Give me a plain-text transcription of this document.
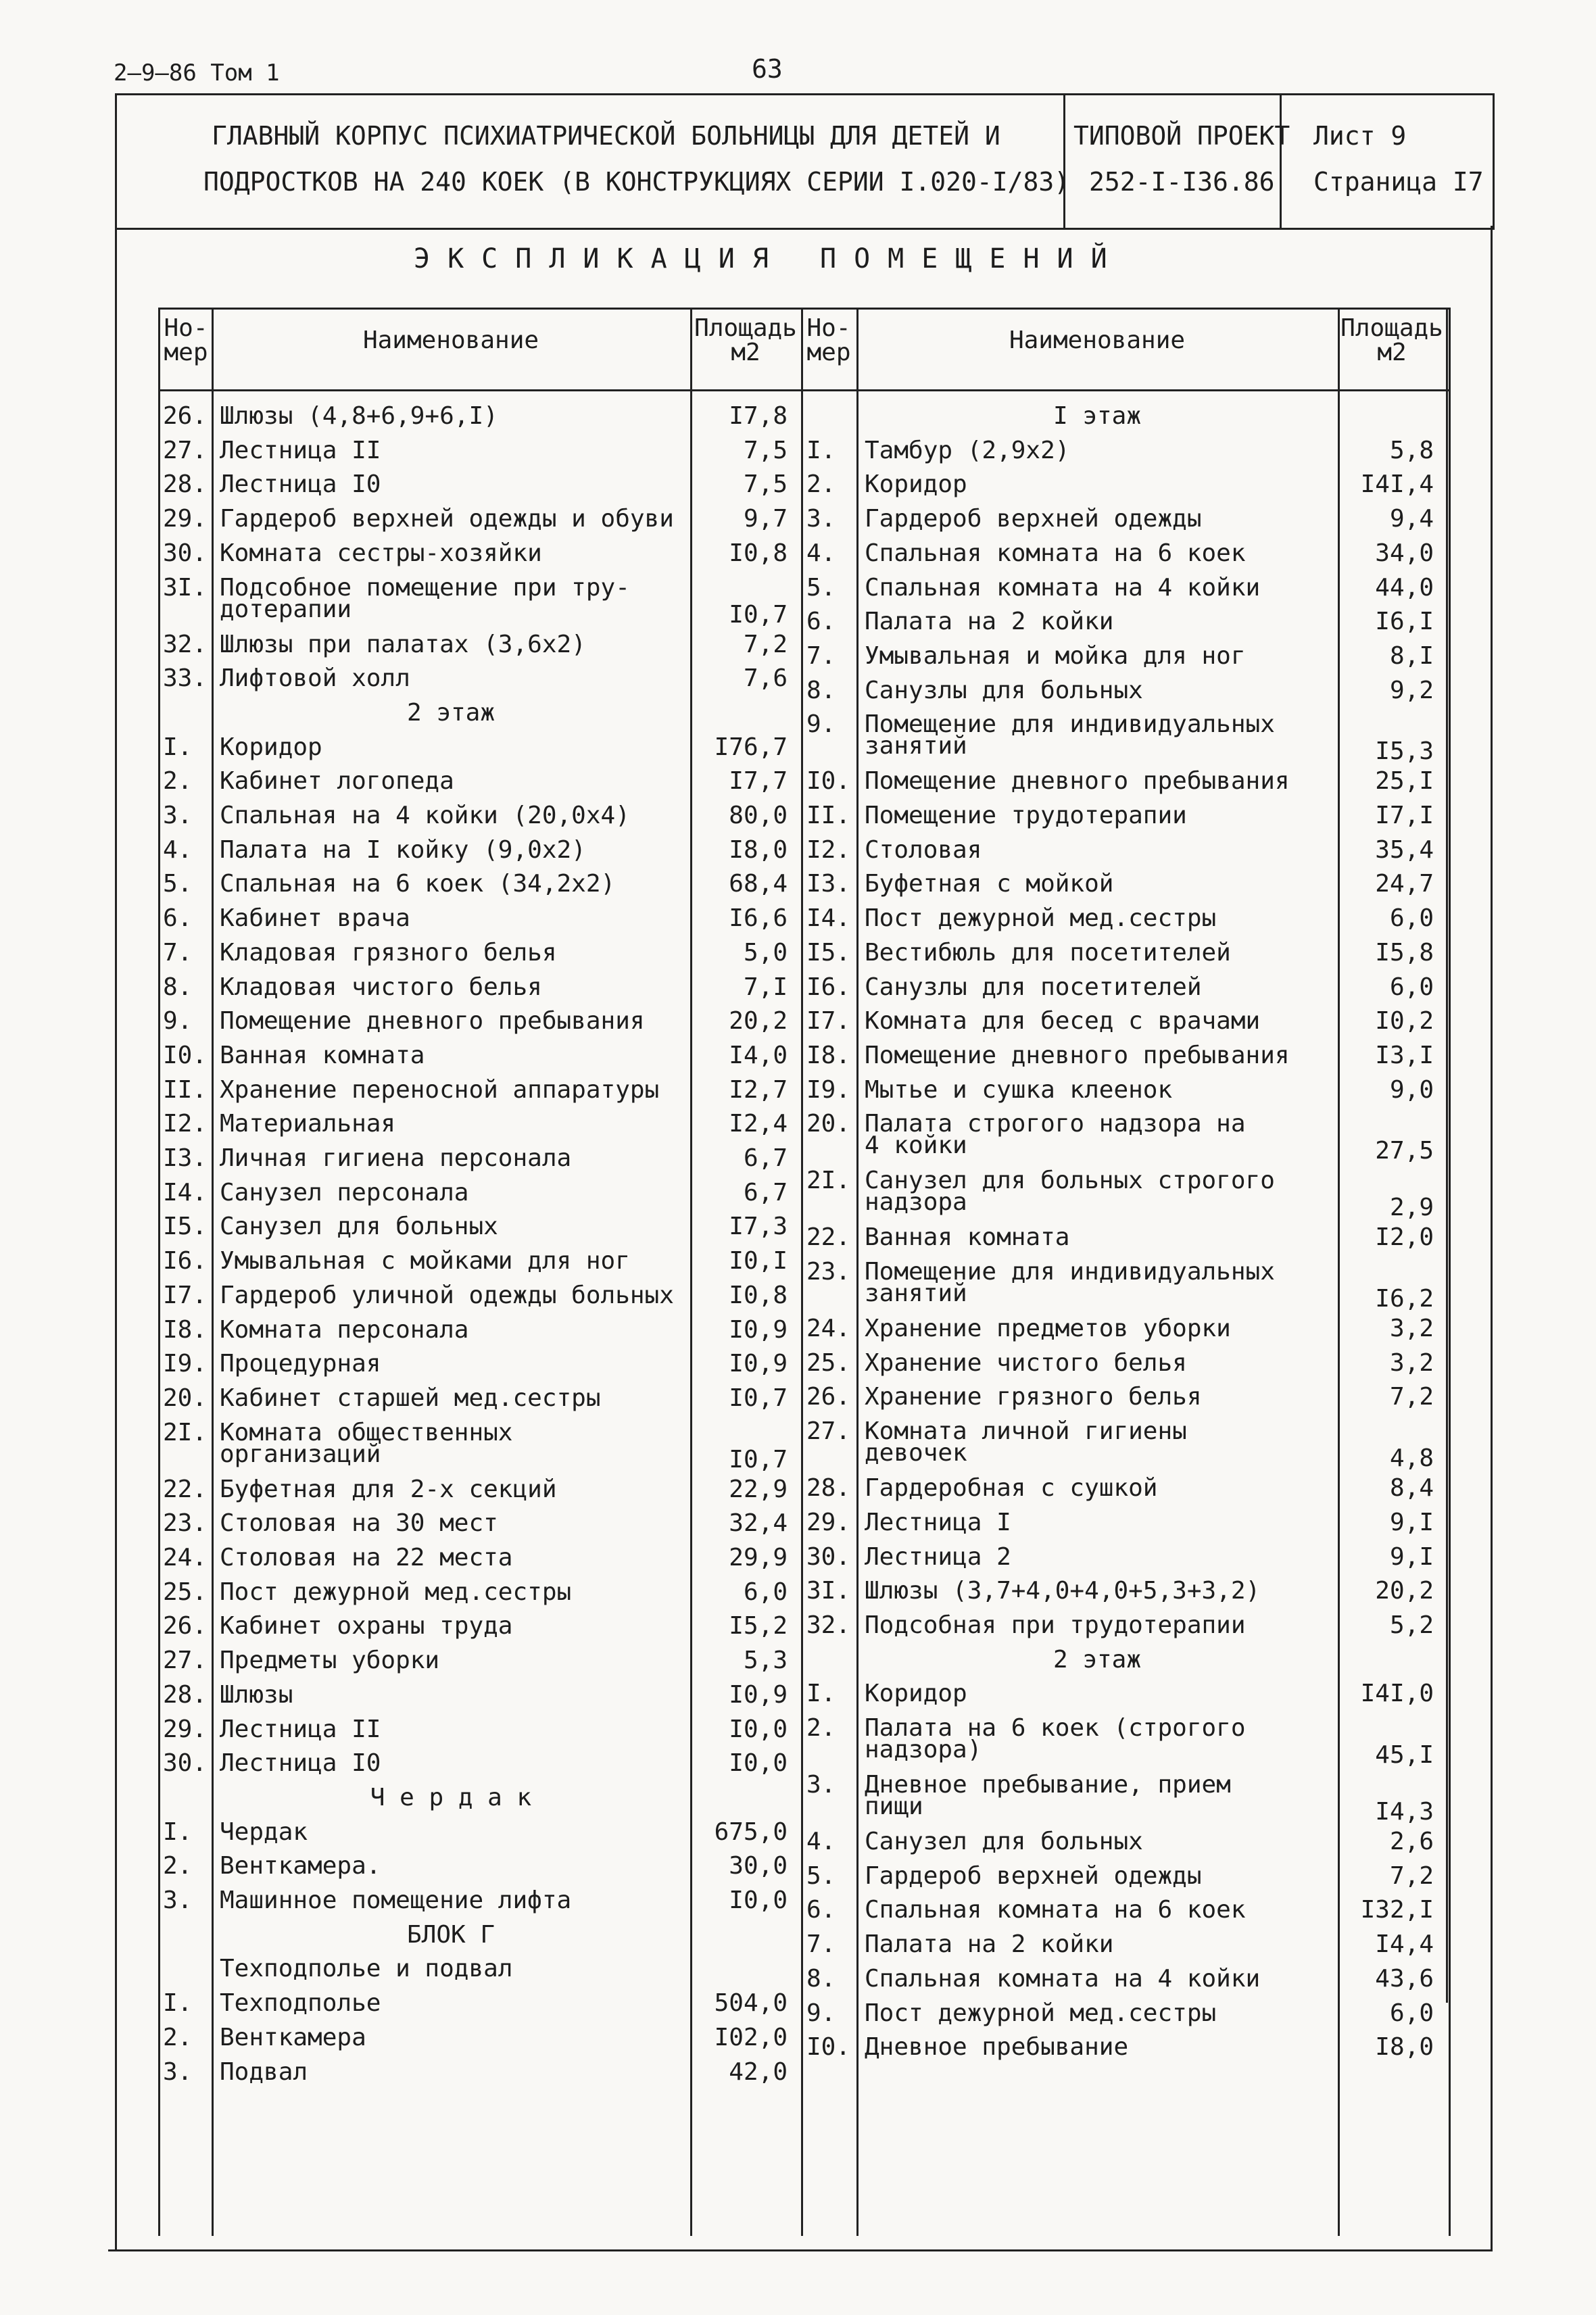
2–9–86 Том 1	63
ГЛАВНЫЙ КОРПУС ПСИХИАТРИЧЕСКОЙ БОЛЬНИЦЫ ДЛЯ ДЕТЕЙ И
ПОДРОСТКОВ НА 240 КОЕК (В КОНСТРУКЦИЯХ СЕРИИ I.020-I/83)
ТИПОВОЙ ПРОЕКТ
252-I-I36.86
Лист 9
Страница I7
ЭКСПЛИКАЦИЯ ПОМЕЩЕНИЙ
Но-
мер	Наименование	Площадь
м2
Но-
мер	Наименование	Площадь
м2
26. Шлюзы (4,8+6,9+6,I)	I7,8
27. Лестница II	7,5
28. Лестница I0	7,5
29. Гардероб верхней одежды и обуви	9,7
30. Комната сестры-хозяйки	I0,8
3I. Подсобное помещение при тру-
дотерапии	I0,7
32. Шлюзы при палатах (3,6x2)	7,2
33. Лифтовой холл	7,6
2 этаж
I. Коридор	I76,7
2. Кабинет логопеда	I7,7
3. Спальная на 4 койки (20,0x4)	80,0
4. Палата на I койку (9,0x2)	I8,0
5. Спальная на 6 коек (34,2x2)	68,4
6. Кабинет врача	I6,6
7. Кладовая грязного белья	5,0
8. Кладовая чистого белья	7,I
9. Помещение дневного пребывания	20,2
I0. Ванная комната	I4,0
II. Хранение переносной аппаратуры	I2,7
I2. Материальная	I2,4
I3. Личная гигиена персонала	6,7
I4. Санузел персонала	6,7
I5. Санузел для больных	I7,3
I6. Умывальная с мойками для ног	I0,I
I7. Гардероб уличной одежды больных	I0,8
I8. Комната персонала	I0,9
I9. Процедурная	I0,9
20. Кабинет старшей мед.сестры	I0,7
2I. Комната общественных
организаций	I0,7
22. Буфетная для 2-х секций	22,9
23. Столовая на 30 мест	32,4
24. Столовая на 22 места	29,9
25. Пост дежурной мед.сестры	6,0
26. Кабинет охраны труда	I5,2
27. Предметы уборки	5,3
28. Шлюзы	I0,9
29. Лестница II	I0,0
30. Лестница I0	I0,0
Ч е р д а к
I. Чердак	675,0
2. Венткамера.	30,0
3. Машинное помещение лифта	I0,0
БЛОК Г
Техподполье и подвал
I. Техподполье	504,0
2. Венткамера	I02,0
3. Подвал	42,0
I этаж
I. Тамбур (2,9x2)	5,8
2. Коридор	I4I,4
3. Гардероб верхней одежды	9,4
4. Спальная комната на 6 коек	34,0
5. Спальная комната на 4 койки	44,0
6. Палата на 2 койки	I6,I
7. Умывальная и мойка для ног	8,I
8. Санузлы для больных	9,2
9. Помещение для индивидуальных
занятий	I5,3
I0. Помещение дневного пребывания	25,I
II. Помещение трудотерапии	I7,I
I2. Столовая	35,4
I3. Буфетная с мойкой	24,7
I4. Пост дежурной мед.сестры	6,0
I5. Вестибюль для посетителей	I5,8
I6. Санузлы для посетителей	6,0
I7. Комната для бесед с врачами	I0,2
I8. Помещение дневного пребывания	I3,I
I9. Мытье и сушка клеенок	9,0
20. Палата строгого надзора на
4 койки	27,5
2I. Санузел для больных строгого
надзора	2,9
22. Ванная комната	I2,0
23. Помещение для индивидуальных
занятий	I6,2
24. Хранение предметов уборки	3,2
25. Хранение чистого белья	3,2
26. Хранение грязного белья	7,2
27. Комната личной гигиены
девочек	4,8
28. Гардеробная с сушкой	8,4
29. Лестница I	9,I
30. Лестница 2	9,I
3I. Шлюзы (3,7+4,0+4,0+5,3+3,2)	20,2
32. Подсобная при трудотерапии	5,2
2 этаж
I. Коридор	I4I,0
2. Палата на 6 коек (строгого
надзора)	45,I
3. Дневное пребывание, прием
пищи	I4,3
4. Санузел для больных	2,6
5. Гардероб верхней одежды	7,2
6. Спальная комната на 6 коек	I32,I
7. Палата на 2 койки	I4,4
8. Спальная комната на 4 койки	43,6
9. Пост дежурной мед.сестры	6,0
I0. Дневное пребывание	I8,0
